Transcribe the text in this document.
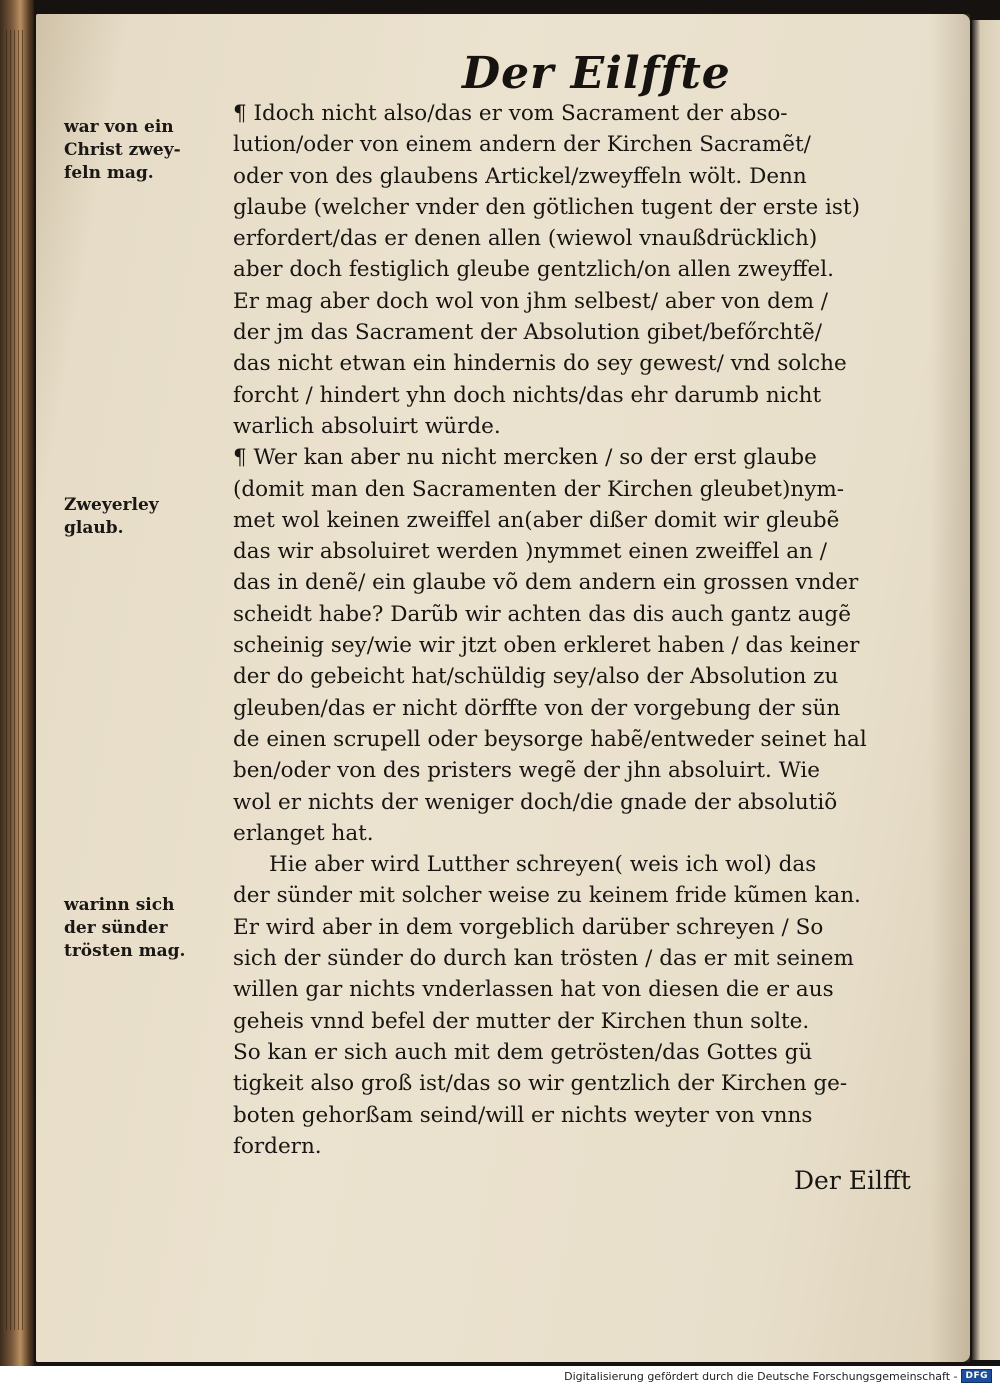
Der Eilffte
war von ein
Christ zwey-
feln mag.
Zweyerley
glaub.
warinn sich
der sünder
trösten mag.
¶ Idoch nicht also/das er vom Sacrament der abso-
lution/oder von einem andern der Kirchen Sacramẽt/
oder von des glaubens Artickel/zweyffeln wölt. Denn
glaube (welcher vnder den götlichen tugent der erste ist)
erfordert/das er denen allen (wiewol vnaußdrücklich)
aber doch festiglich gleube gentzlich/on allen zweyffel.
Er mag aber doch wol von jhm selbest/ aber von dem /
der jm das Sacrament der Absolution gibet/befőrchtẽ/
das nicht etwan ein hindernis do sey gewest/ vnd solche
forcht / hindert yhn doch nichts/das ehr darumb nicht
warlich absoluirt würde.
¶ Wer kan aber nu nicht mercken / so der erst glaube
(domit man den Sacramenten der Kirchen gleubet)nym-
met wol keinen zweiffel an(aber dißer domit wir gleubẽ
das wir absoluiret werden )nymmet einen zweiffel an /
das in denẽ/ ein glaube võ dem andern ein grossen vnder
scheidt habe? Darũb wir achten das dis auch gantz augẽ
scheinig sey/wie wir jtzt oben erkleret haben / das keiner
der do gebeicht hat/schüldig sey/also der Absolution zu
gleuben/das er nicht dörffte von der vorgebung der sün
de einen scrupell oder beysorge habẽ/entweder seinet hal
ben/oder von des pristers wegẽ der jhn absoluirt. Wie
wol er nichts der weniger doch/die gnade der absolutiõ
erlanget hat.
Hie aber wird Lutther schreyen( weis ich wol) das
der sünder mit solcher weise zu keinem fride kũmen kan.
Er wird aber in dem vorgeblich darüber schreyen / So
sich der sünder do durch kan trösten / das er mit seinem
willen gar nichts vnderlassen hat von diesen die er aus
geheis vnnd befel der mutter der Kirchen thun solte.
So kan er sich auch mit dem getrösten/das Gottes gü
tigkeit also groß ist/das so wir gentzlich der Kirchen ge-
boten gehorßam seind/will er nichts weyter von vnns
fordern.
Der Eilfft
Digitalisierung gefördert durch die Deutsche Forschungsgemeinschaft - DFG
